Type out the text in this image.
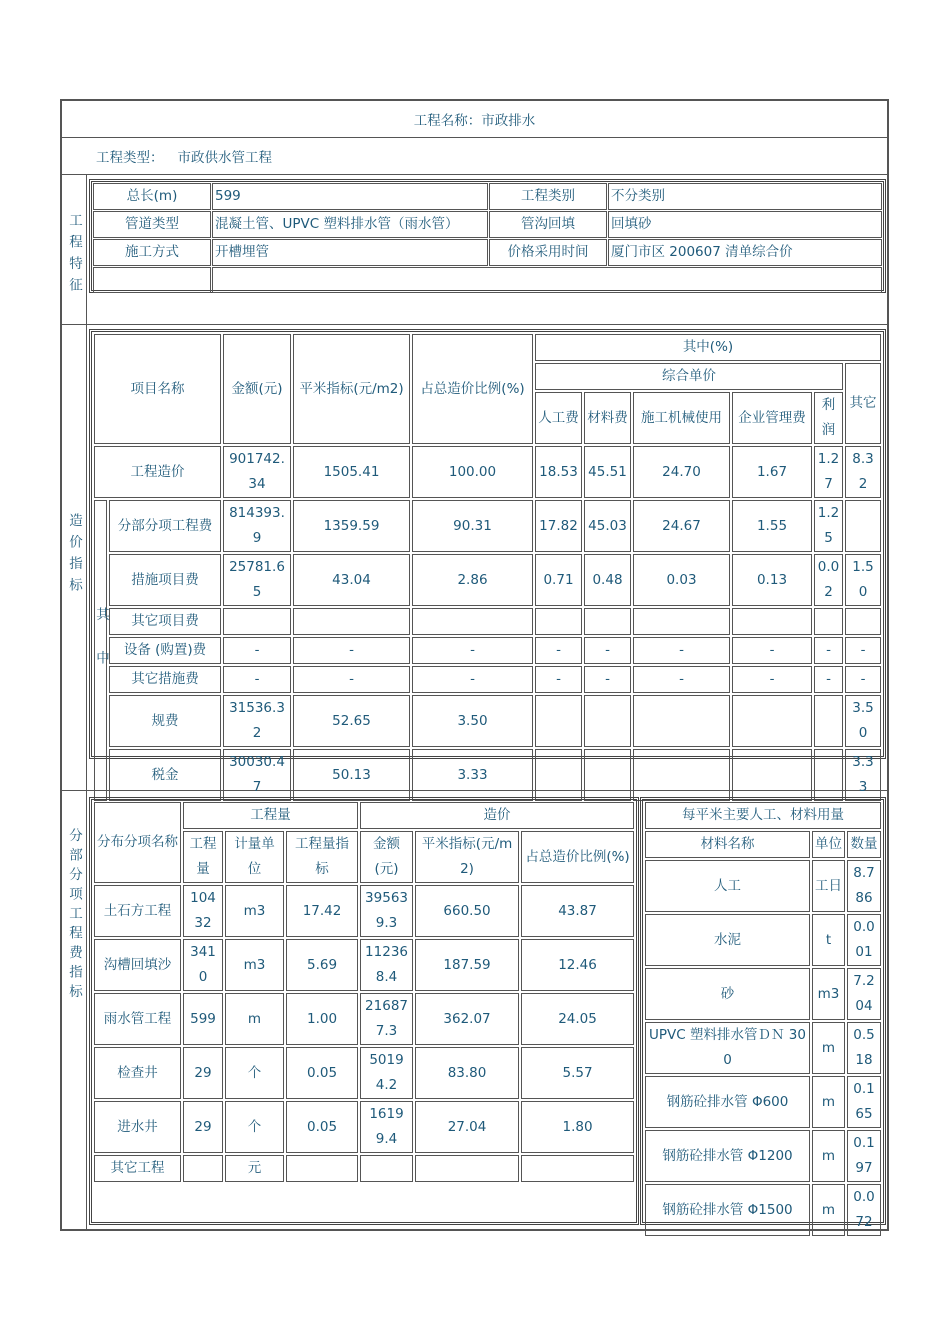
工程名称：市政排水
工程类型： 市政供水管工程
工程特征
造价指标
分部分项工程费指标
总长(m)	599	工程类别	不分类别
管道类型	混凝土管、UPVC 塑料排水管（雨水管）	管沟回填	回填砂
施工方式	开槽埋管	价格采用时间	厦门市区 200607 清单综合价

项目名称		金额(元)	平米指标(元/m2)	占总造价比例(%)	其中(%)					
					综合单价					其它
					人工费	材料费	施工机械使用	企业管理费	利润	
工程造价		901742.34	1505.41	100.00	18.53	45.51	24.70	1.67	1.27	8.32
其中	分部分项工程费	814393.9	1359.59	90.31	17.82	45.03	24.67	1.55	1.25	
	措施项目费	25781.65	43.04	2.86	0.71	0.48	0.03	0.13	0.02	1.50
	其它项目费									
	设备 (购置)费	-	-	-	-	-	-	-	-	-
	其它措施费	-	-	-	-	-	-	-	-	-
	规费	31536.32	52.65	3.50						3.50
	税金	30030.47	50.13	3.33						3.33
分布分项名称	工程量			造价		
	工程量	计量单位	工程量指标	金额(元)	平米指标(元/m2)	占总造价比例(%)
土石方工程	10432	m3	17.42	395639.3	660.50	43.87
沟槽回填沙	3410	m3	5.69	112368.4	187.59	12.46
雨水管工程	599	m	1.00	216877.3	362.07	24.05
检查井	29	个	0.05	50194.2	83.80	5.57
进水井	29	个	0.05	16199.4	27.04	1.80
其它工程		元				
每平米主要人工、材料用量		
材料名称	单位	数量
人工	工日	8.786
水泥	t	0.001
砂	m3	7.204
UPVC 塑料排水管ＤＮ 300	m	0.518
钢筋砼排水管 Φ600	m	0.165
钢筋砼排水管 Φ1200	m	0.197
钢筋砼排水管 Φ1500	m	0.072
